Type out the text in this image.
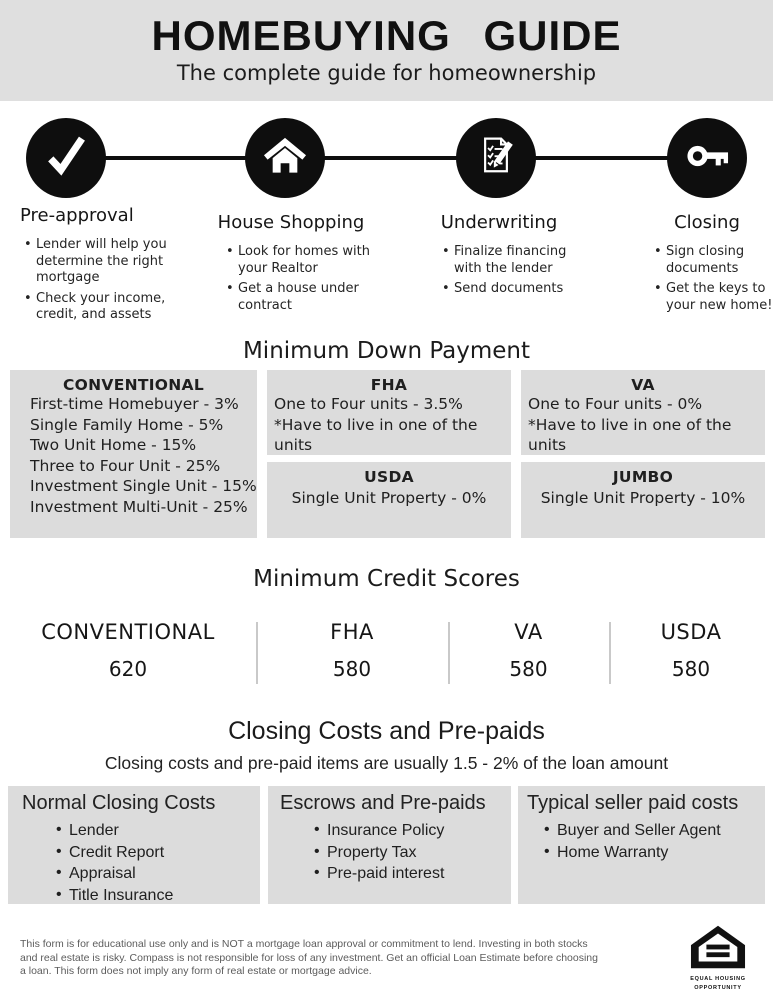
HOMEBUYING GUIDE
The complete guide for homeownership
Pre-approval
• Lender will help you determine the right mortgage
• Check your income, credit, and assets
House Shopping
• Look for homes with your Realtor
• Get a house under contract
Underwriting
• Finalize financing with the lender
• Send documents
Closing
• Sign closing documents
• Get the keys to your new home!
Minimum Down Payment
CONVENTIONAL
First-time Homebuyer - 3%
Single Family Home - 5%
Two Unit Home - 15%
Three to Four Unit - 25%
Investment Single Unit - 15%
Investment Multi-Unit - 25%
FHA
One to Four units - 3.5%
*Have to live in one of the units
VA
One to Four units - 0%
*Have to live in one of the units
USDA
Single Unit Property - 0%
JUMBO
Single Unit Property - 10%
Minimum Credit Scores
CONVENTIONAL
620
FHA
580
VA
580
USDA
580
Closing Costs and Pre-paids
Closing costs and pre-paid items are usually 1.5 - 2% of the loan amount
Normal Closing Costs
• Lender
• Credit Report
• Appraisal
• Title Insurance
Escrows and Pre-paids
• Insurance Policy
• Property Tax
• Pre-paid interest
Typical seller paid costs
• Buyer and Seller Agent
• Home Warranty
This form is for educational use only and is NOT a mortgage loan approval or commitment to lend. Investing in both stocks and real estate is risky. Compass is not responsible for loss of any investment. Get an official Loan Estimate before choosing a loan. This form does not imply any form of real estate or mortgage advice.
EQUAL HOUSING
OPPORTUNITY
